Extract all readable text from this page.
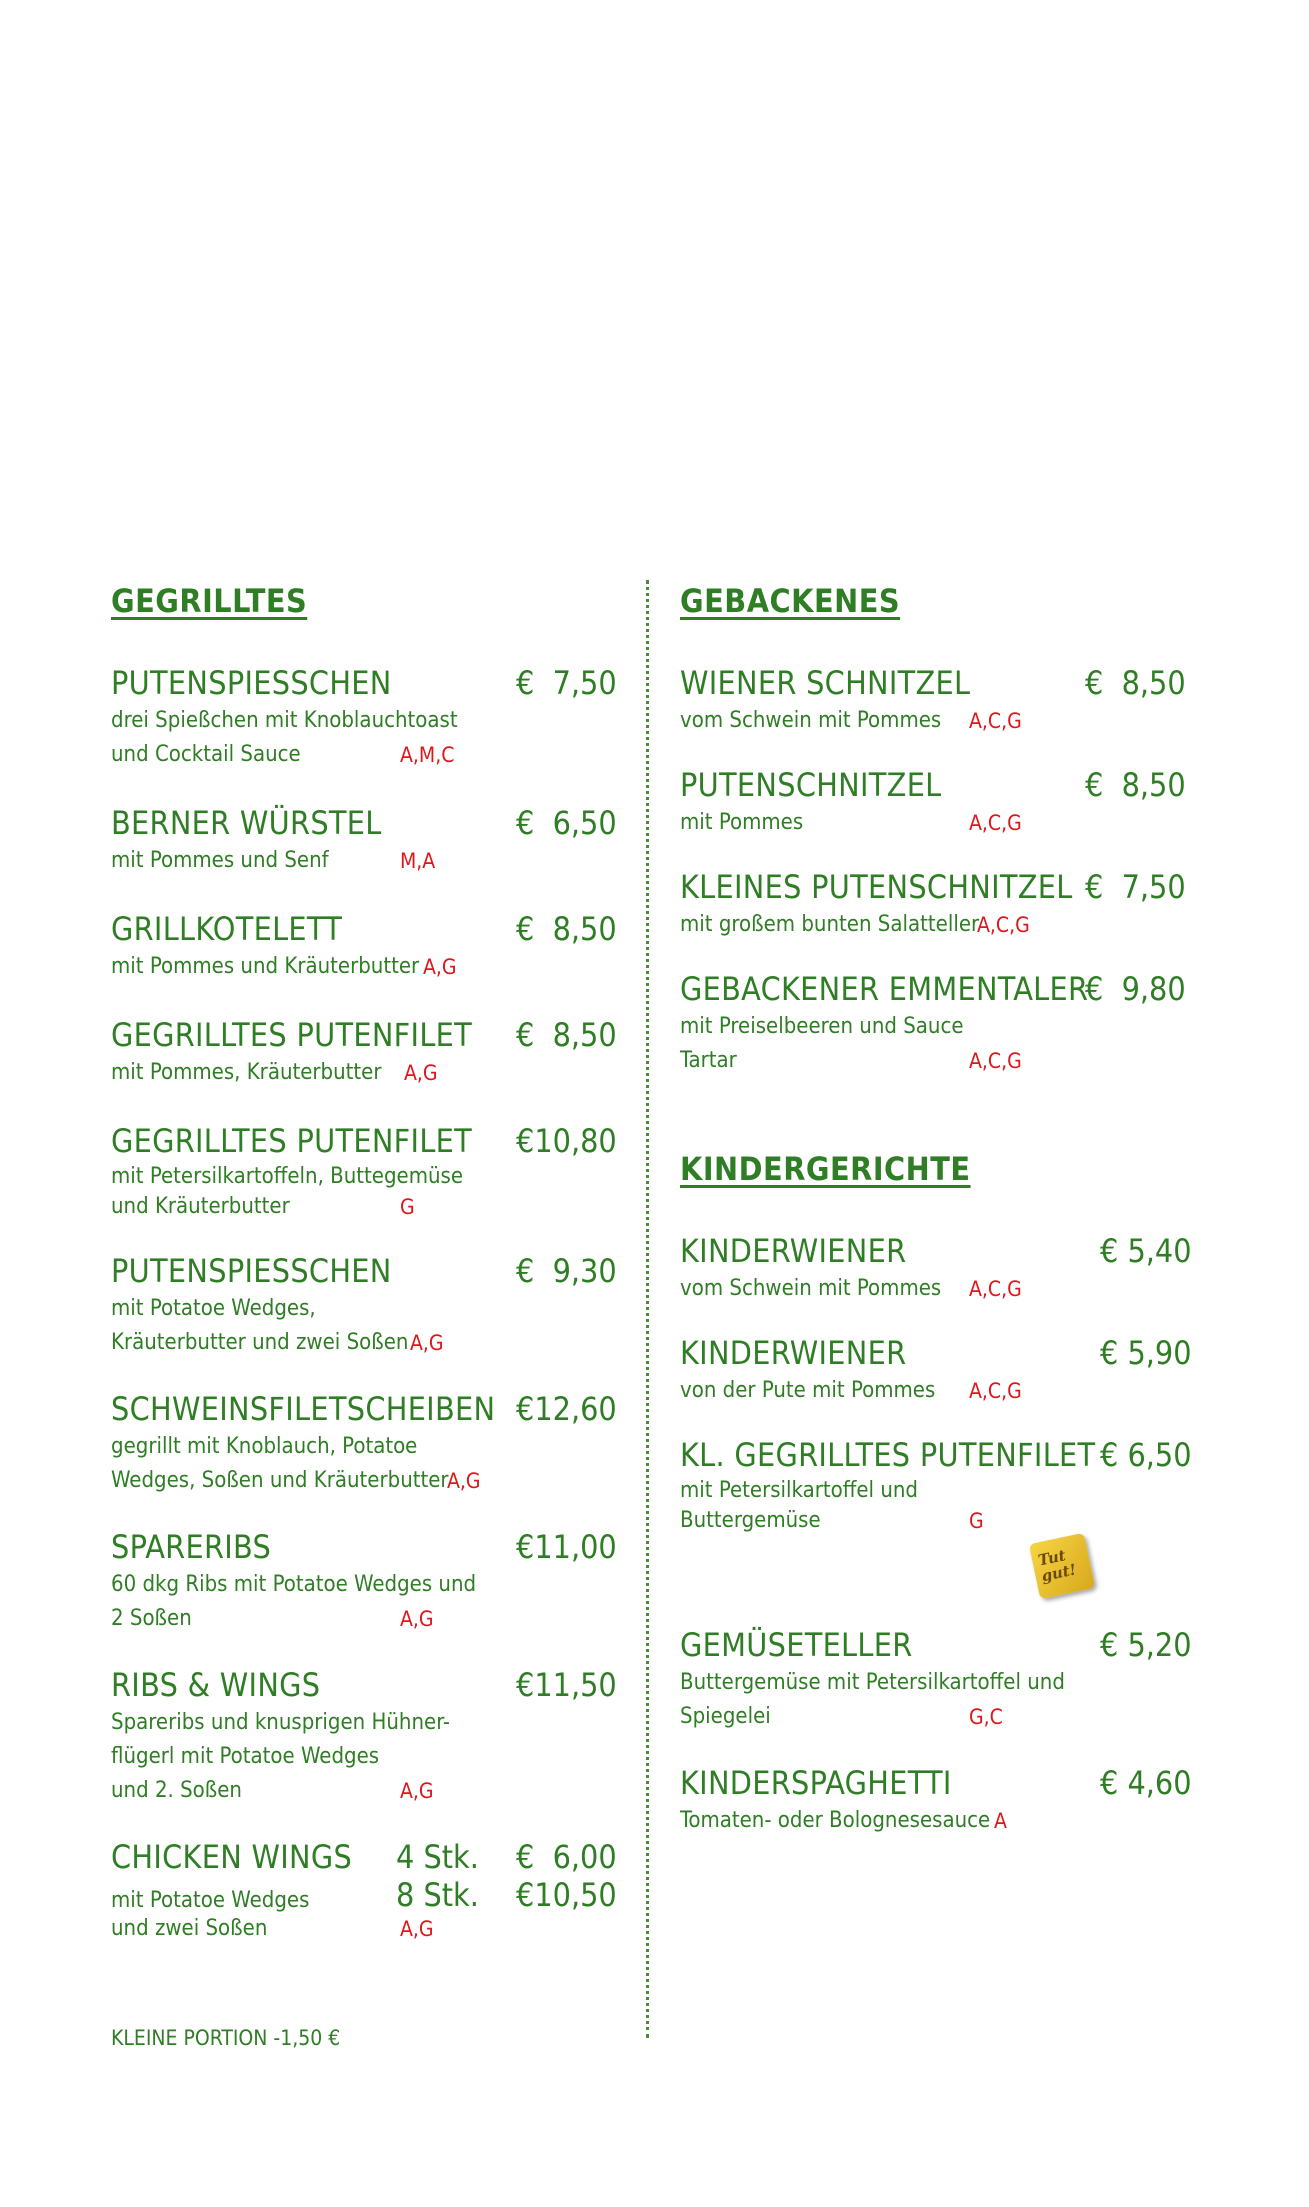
GEGRILLTES
PUTENSPIESSCHEN	€  7,50
drei Spießchen mit Knoblauchtoast
und Cocktail Sauce	A,M,C
BERNER WÜRSTEL	€  6,50
mit Pommes und Senf	M,A
GRILLKOTELETT	€  8,50
mit Pommes und Kräuterbutter A,G
GEGRILLTES PUTENFILET €  8,50
mit Pommes, Kräuterbutter A,G
GEGRILLTES PUTENFILET €10,80
mit Petersilkartoffeln, Buttegemüse
und Kräuterbutter	G
PUTENSPIESSCHEN	€  9,30
mit Potatoe Wedges,
Kräuterbutter und zwei Soßen A,G
SCHWEINSFILETSCHEIBEN €12,60
gegrillt mit Knoblauch, Potatoe
Wedges, Soßen und Kräuterbutter
A,G
SPARERIBS	€11,00
60 dkg Ribs mit Potatoe Wedges und
2 Soßen	A,G
RIBS & WINGS	€11,50
Spareribs und knusprigen Hühner-
flügerl mit Potatoe Wedges
und 2. Soßen	A,G
CHICKEN WINGS 4 Stk. €  6,00
mit Potatoe Wedges	8 Stk. €10,50
und zwei Soßen	A,G
KLEINE PORTION -1,50 €
GEBACKENES
WIENER SCHNITZEL	€  8,50
vom Schwein mit Pommes A,C,G
PUTENSCHNITZEL	€  8,50
mit Pommes	A,C,G
KLEINES PUTENSCHNITZEL €  7,50
mit großem bunten Salatteller
A,C,G
GEBACKENER EMMENTALER
€  9,80
mit Preiselbeeren und Sauce
Tartar	A,C,G
KINDERGERICHTE
KINDERWIENER	€ 5,40
vom Schwein mit Pommes A,C,G
KINDERWIENER	€ 5,90
von der Pute mit Pommes A,C,G
KL. GEGRILLTES PUTENFILET € 6,50
mit Petersilkartoffel und
Buttergemüse	G
GEMÜSETELLER	€ 5,20
Buttergemüse mit Petersilkartoffel und
Spiegelei	G,C
KINDERSPAGHETTI	€ 4,60
Tomaten- oder Bolognesesauce A
Tut gut!
